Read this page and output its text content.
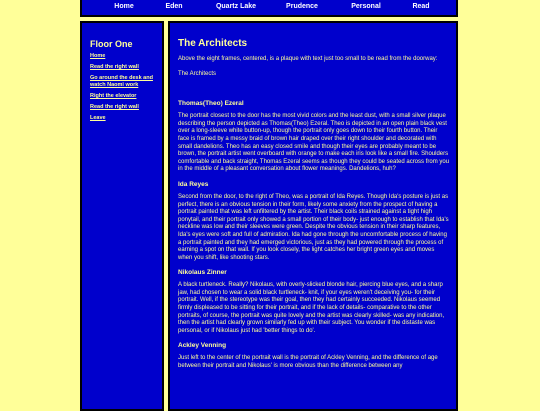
Home	Eden	Quartz Lake	Prudence	Personal	Read
Floor One
Home
Read the right wall
Go around the desk and watch Naomi work
Right the elevator
Read the right wall
Leave
The Architects

Above the eight frames, centered, is a plaque with text just too small to be read from the doorway:

The Architects

Thomas(Theo) Ezeral

The portrait closest to the door has the most vivid colors and the least dust, with a small silver plaque describing the person depicted as Thomas(Theo) Ezeral. Theo is depicted in an open plain black vest over a long-sleeve white button-up, though the portrait only goes down to their fourth button. Their face is framed by a messy braid of brown hair draped over their right shoulder and decorated with small dandelions. Theo has an easy closed smile and though their eyes are probably meant to be brown, the portrait artist went overboard with orange to make each iris look like a small fire. Shoulders comfortable and back straight, Thomas Ezeral seems as though they could be seated across from you in the middle of a pleasant conversation about flower meanings. Dandelions, huh?

Ida Reyes

Second from the door, to the right of Theo, was a portrait of Ida Reyes. Though Ida's posture is just as perfect, there is an obvious tension in their form, likely some anxiety from the prospect of having a portrait painted that was left unfiltered by the artist. Their black coils strained against a tight high ponytail, and their portrait only showed a small portion of their body- just enough to establish that Ida's neckline was low and their sleeves were green. Despite the obvious tension in their sharp features, Ida's eyes were soft and full of admiration. Ida had gone through the uncomfortable process of having a portrait painted and they had emerged victorious, just as they had powered through the process of earning a spot on that wall. If you look closely, the light catches her bright green eyes and moves when you shift, like shooting stars.

Nikolaus Zinner

A black turtleneck. Really? Nikolaus, with overly-slicked blonde hair, piercing blue eyes, and a sharp jaw, had chosen to wear a solid black turtleneck- knit, if your eyes weren't deceiving you- for their portrait. Well, if the stereotype was their goal, then they had certainly succeeded. Nikolaus seemed firmly displeased to be sitting for their portrait, and if the lack of details- comparative to the other portraits, of course, the portrait was quite lovely and the artist was clearly skilled- was any indication, then the artist had clearly grown similarly fed up with their subject. You wonder if the distaste was personal, or if Nikolaus just had 'better things to do'.

Ackley Venning

Just left to the center of the portrait wall is the portrait of Ackley Venning, and the difference of age between their portrait and Nikolaus' is more obvious than the difference between any
